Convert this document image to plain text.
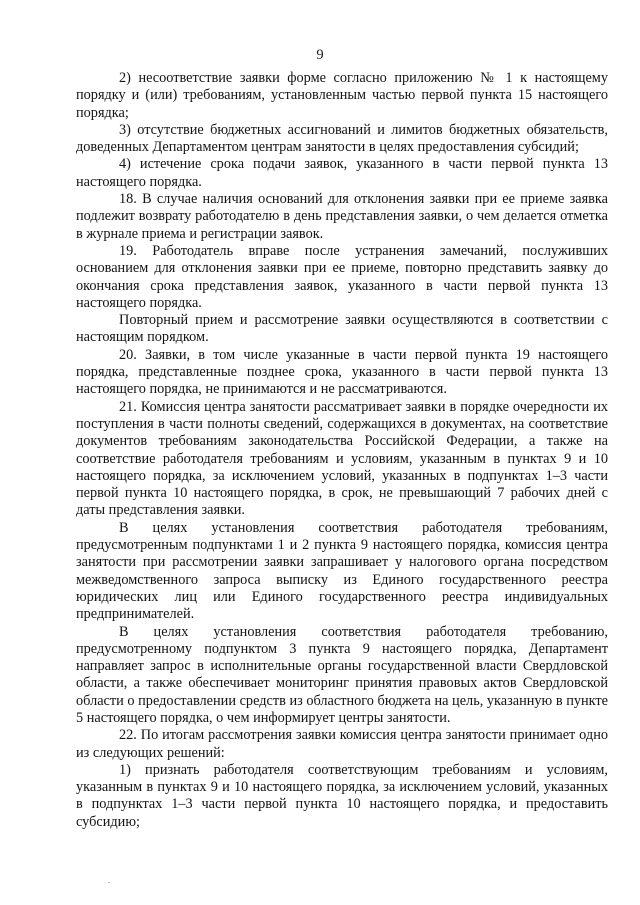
9

2) несоответствие заявки форме согласно приложению № 1 к настоящему порядку и (или) требованиям, установленным частью первой пункта 15 настоящего порядка;

3) отсутствие бюджетных ассигнований и лимитов бюджетных обязательств, доведенных Департаментом центрам занятости в целях предоставления субсидий;

4) истечение срока подачи заявок, указанного в части первой пункта 13 настоящего порядка.

18. В случае наличия оснований для отклонения заявки при ее приеме заявка подлежит возврату работодателю в день представления заявки, о чем делается отметка в журнале приема и регистрации заявок.

19. Работодатель вправе после устранения замечаний, послуживших основанием для отклонения заявки при ее приеме, повторно представить заявку до окончания срока представления заявок, указанного в части первой пункта 13 настоящего порядка.

Повторный прием и рассмотрение заявки осуществляются в соответствии с настоящим порядком.

20. Заявки, в том числе указанные в части первой пункта 19 настоящего порядка, представленные позднее срока, указанного в части первой пункта 13 настоящего порядка, не принимаются и не рассматриваются.

21. Комиссия центра занятости рассматривает заявки в порядке очередности их поступления в части полноты сведений, содержащихся в документах, на соответствие документов требованиям законодательства Российской Федерации, а также на соответствие работодателя требованиям и условиям, указанным в пунктах 9 и 10 настоящего порядка, за исключением условий, указанных в подпунктах 1–3 части первой пункта 10 настоящего порядка, в срок, не превышающий 7 рабочих дней с даты представления заявки.

В целях установления соответствия работодателя требованиям, предусмотренным подпунктами 1 и 2 пункта 9 настоящего порядка, комиссия центра занятости при рассмотрении заявки запрашивает у налогового органа посредством межведомственного запроса выписку из Единого государственного реестра юридических лиц или Единого государственного реестра индивидуальных предпринимателей.

В целях установления соответствия работодателя требованию, предусмотренному подпунктом 3 пункта 9 настоящего порядка, Департамент направляет запрос в исполнительные органы государственной власти Свердловской области, а также обеспечивает мониторинг принятия правовых актов Свердловской области о предоставлении средств из областного бюджета на цель, указанную в пункте 5 настоящего порядка, о чем информирует центры занятости.

22. По итогам рассмотрения заявки комиссия центра занятости принимает одно из следующих решений:

1) признать работодателя соответствующим требованиям и условиям, указанным в пунктах 9 и 10 настоящего порядка, за исключением условий, указанных в подпунктах 1–3 части первой пункта 10 настоящего порядка, и предоставить субсидию;
